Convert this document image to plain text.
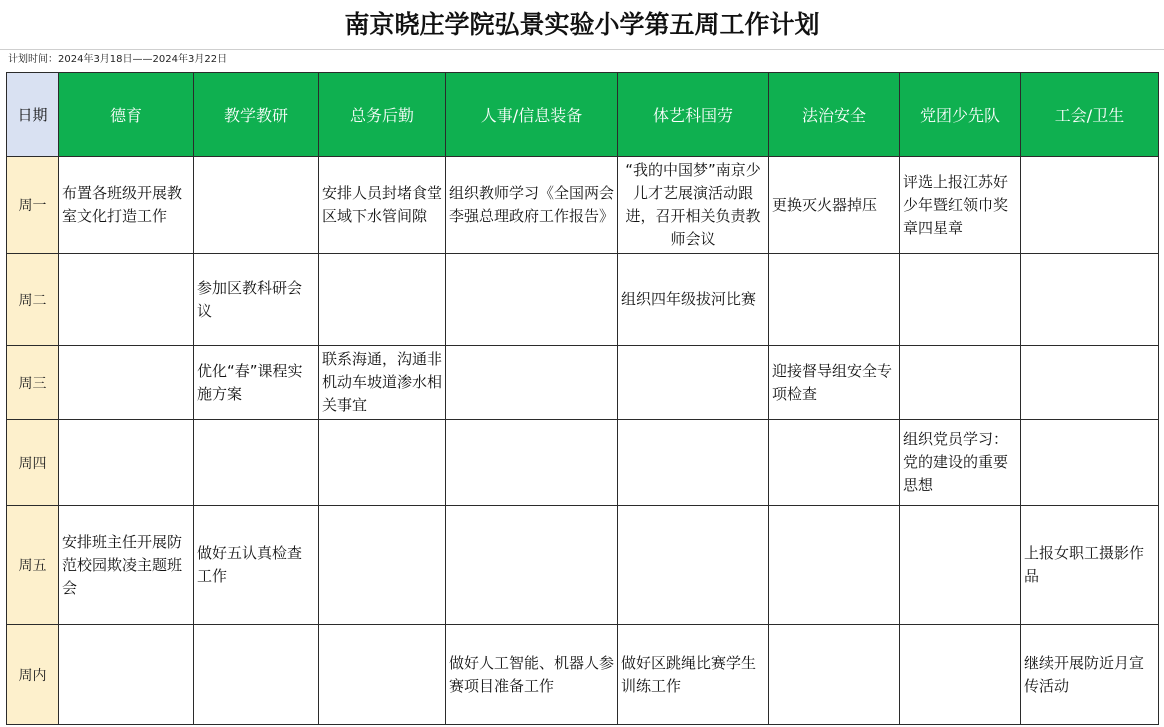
南京晓庄学院弘景实验小学第五周工作计划
计划时间：2024年3月18日——2024年3月22日
日期	德育	教学教研	总务后勤	人事/信息装备	体艺科国劳	法治安全	党团少先队	工会/卫生
周一	布置各班级开展教室文化打造工作		安排人员封堵食堂区域下水管间隙	组织教师学习《全国两会李强总理政府工作报告》	“我的中国梦”南京少儿才艺展演活动跟进，召开相关负责教师会议	更换灭火器掉压	评选上报江苏好少年暨红领巾奖章四星章	
周二		参加区教科研会议			组织四年级拔河比赛			
周三		优化“春”课程实施方案	联系海通，沟通非机动车坡道渗水相关事宜			迎接督导组安全专项检查		
周四							组织党员学习：党的建设的重要思想	
周五	安排班主任开展防范校园欺凌主题班会	做好五认真检查工作						上报女职工摄影作品
周内				做好人工智能、机器人参赛项目准备工作	做好区跳绳比赛学生训练工作			继续开展防近月宣传活动
